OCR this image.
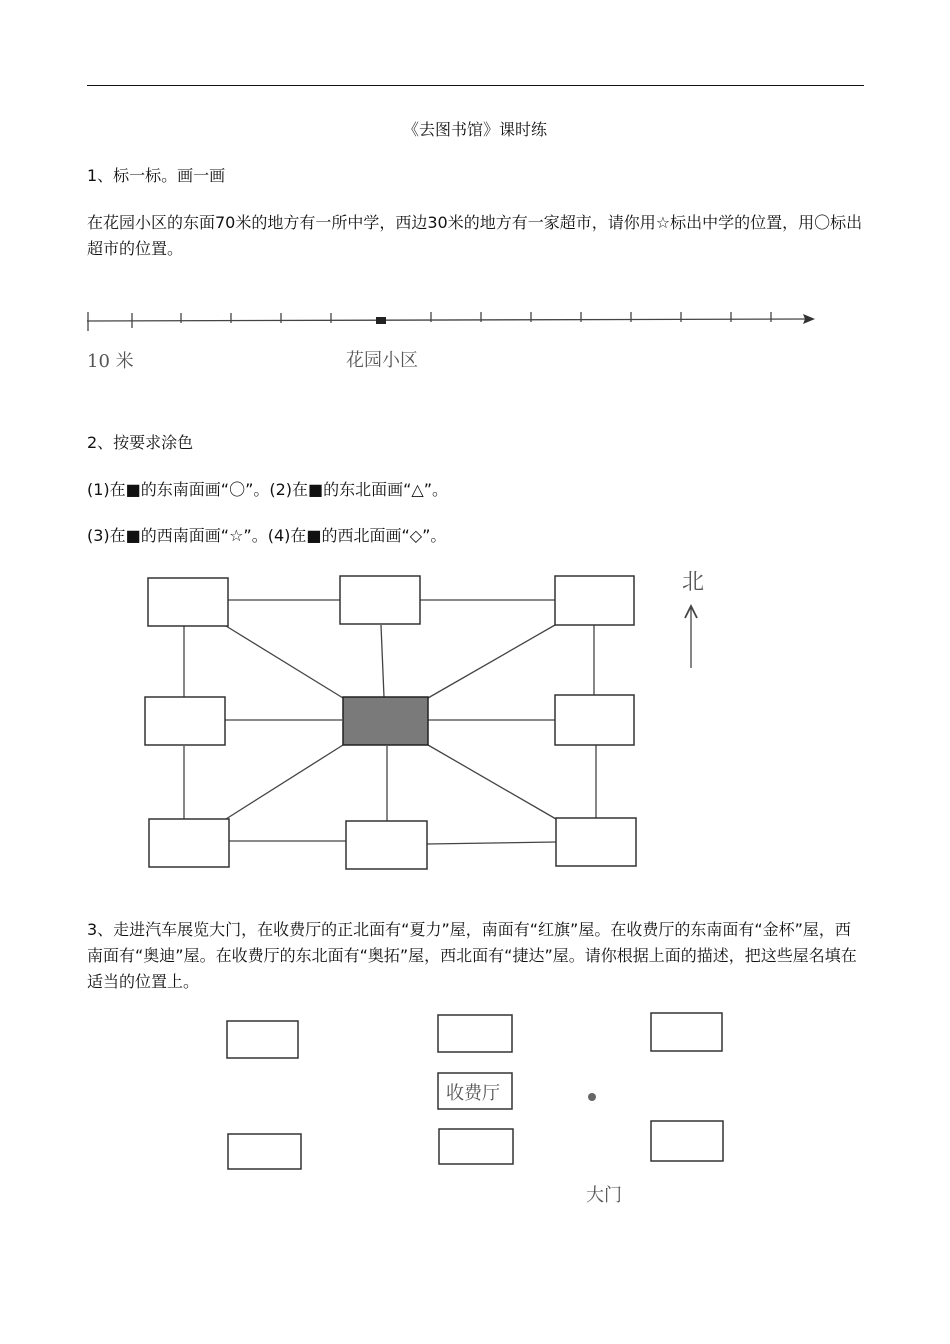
《去图书馆》课时练
1、标一标。画一画
在花园小区的东面70米的地方有一所中学，西边30米的地方有一家超市，请你用☆标出中学的位置，用〇标出超市的位置。
10 米	花园小区
2、按要求涂色
(1)在■的东南面画“〇”。(2)在■的东北面画“△”。
(3)在■的西南面画“☆”。(4)在■的西北面画“◇”。
北
3、走进汽车展览大门，在收费厅的正北面有“夏力”屋，南面有“红旗”屋。在收费厅的东南面有“金杯”屋，西南面有“奥迪”屋。在收费厅的东北面有“奥拓”屋，西北面有“捷达”屋。请你根据上面的描述，把这些屋名填在适当的位置上。
收费厅
大门
